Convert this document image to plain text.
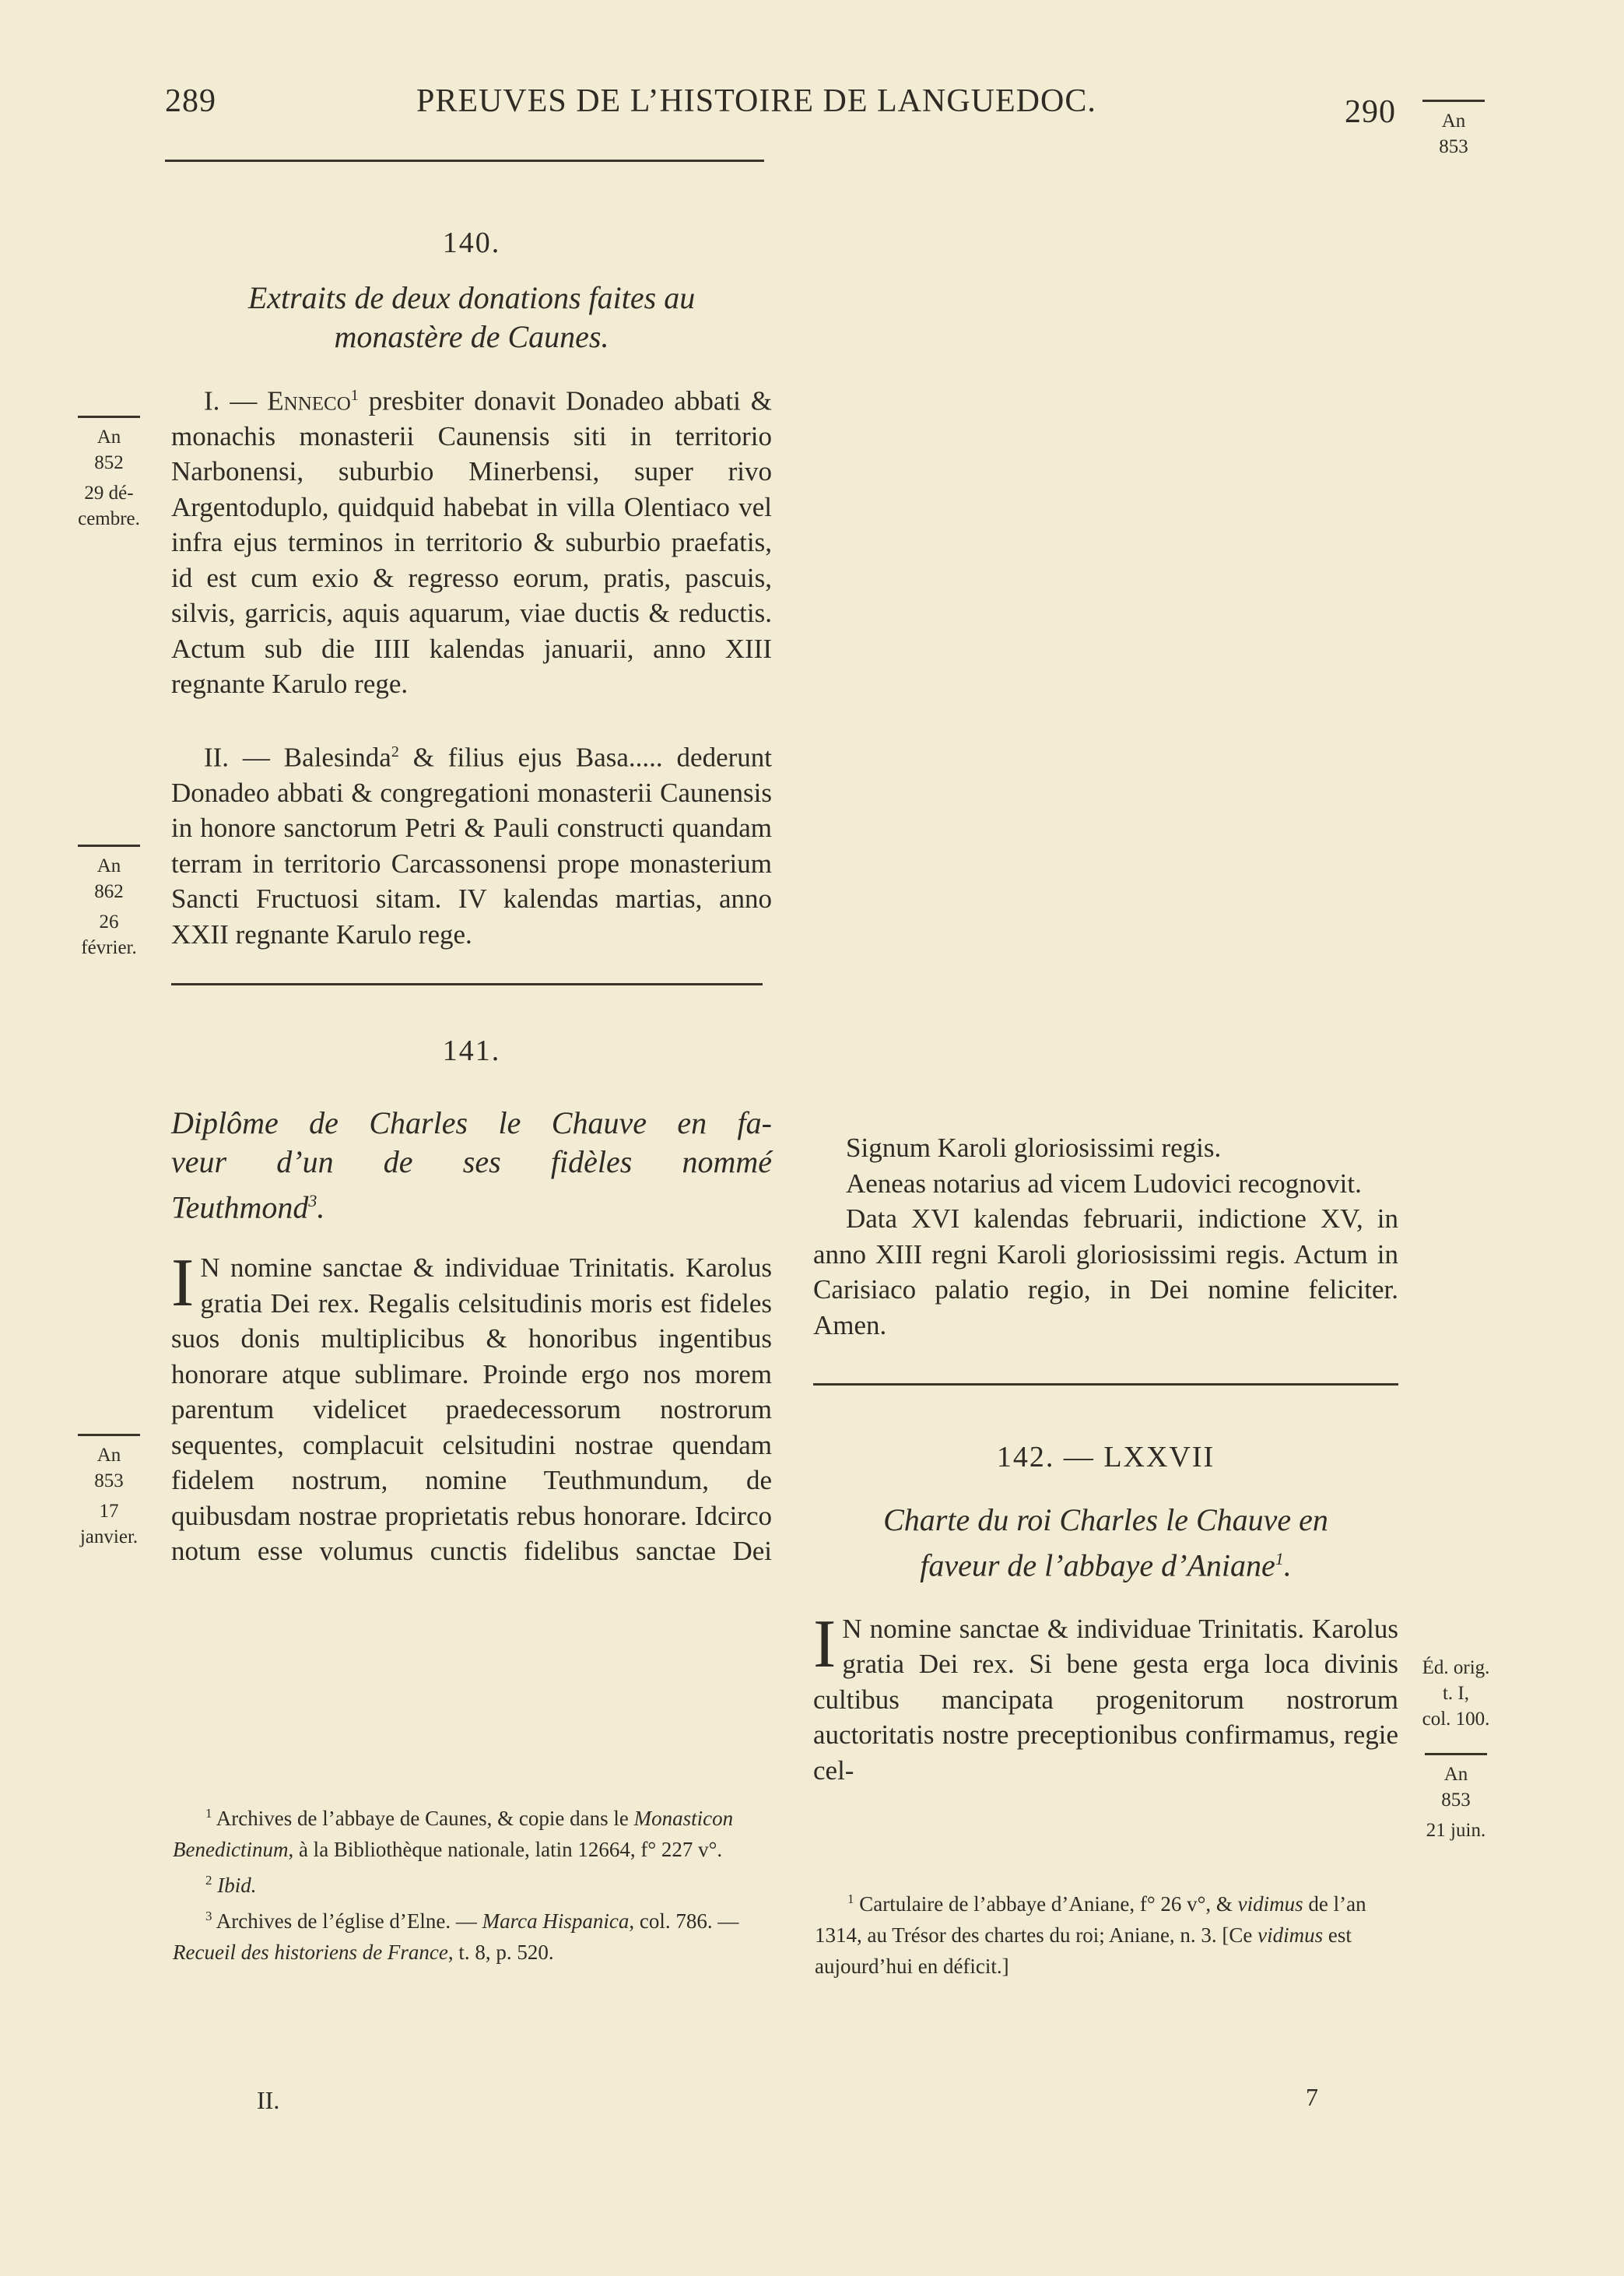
289	PREUVES DE L’HISTOIRE DE LANGUEDOC.	290	An
853
140.
Extraits de deux donations faites au
monastère de Caunes.

I. — Enneco$^1$ presbiter donavit Donadeo abbati & monachis monasterii Caunensis siti in territorio Narbonensi, suburbio Minerbensi, super rivo Argentoduplo, quidquid habebat in villa Olentiaco vel infra ejus terminos in territorio & suburbio praefatis, id est cum exio & regresso eorum, pratis, pascuis, silvis, garricis, aquis aquarum, viae ductis & reductis. Actum sub die IIII kalendas januarii, anno XIII regnante Karulo rege.

II. — Balesinda$^2$ & filius ejus Basa..... dederunt Donadeo abbati & congregationi monasterii Caunensis in honore sanctorum Petri & Pauli constructi quandam terram in territorio Carcassonensi prope monasterium Sancti Fructuosi sitam. IV kalendas martias, anno XXII regnante Karulo rege.

141.
Diplôme de Charles le Chauve en fa-
veur d’un de ses fidèles nommé
Teuthmond$^3$.

I N nomine sanctae & individuae Trinitatis. Karolus gratia Dei rex. Regalis celsitudinis moris est fideles suos donis multiplicibus & honoribus ingentibus honorare atque sublimare. Proinde ergo nos morem parentum videlicet praedecessorum nostrorum sequentes, complacuit celsitudini nostrae quendam fidelem nostrum, nomine Teuthmundum, de quibusdam nostrae proprietatis rebus honorare. Idcirco notum esse volumus cunctis fidelibus sanctae Dei

An
852
29 dé-
cembre.
An
862
26
février.
An
853
17
janvier.

$^1$ Archives de l’abbaye de Caunes, & copie dans le Monasticon Benedictinum, à la Bibliothèque nationale, latin 12664, f° 227 v°.

$^2$ Ibid.

$^3$ Archives de l’église d’Elne. — Marca Hispanica, col. 786. — Recueil des historiens de France, t. 8, p. 520.

II.

Signum Karoli gloriosissimi regis.

Aeneas notarius ad vicem Ludovici recognovit.

Data XVI kalendas februarii, indictione XV, in anno XIII regni Karoli gloriosissimi regis. Actum in Carisiaco palatio regio, in Dei nomine feliciter. Amen.

142. — LXXVII
Charte du roi Charles le Chauve en
faveur de l’abbaye d’Aniane$^1$.

I N nomine sanctae & individuae Trinitatis. Karolus gratia Dei rex. Si bene gesta erga loca divinis cultibus mancipata progenitorum nostrorum auctoritatis nostre preceptionibus confirmamus, regie cel-

Éd. orig.
t. I,
col. 100.
An
853
21 juin.

$^1$ Cartulaire de l’abbaye d’Aniane, f° 26 v°, & vidimus de l’an 1314, au Trésor des chartes du roi; Aniane, n. 3. [Ce vidimus est aujourd’hui en déficit.]

7
